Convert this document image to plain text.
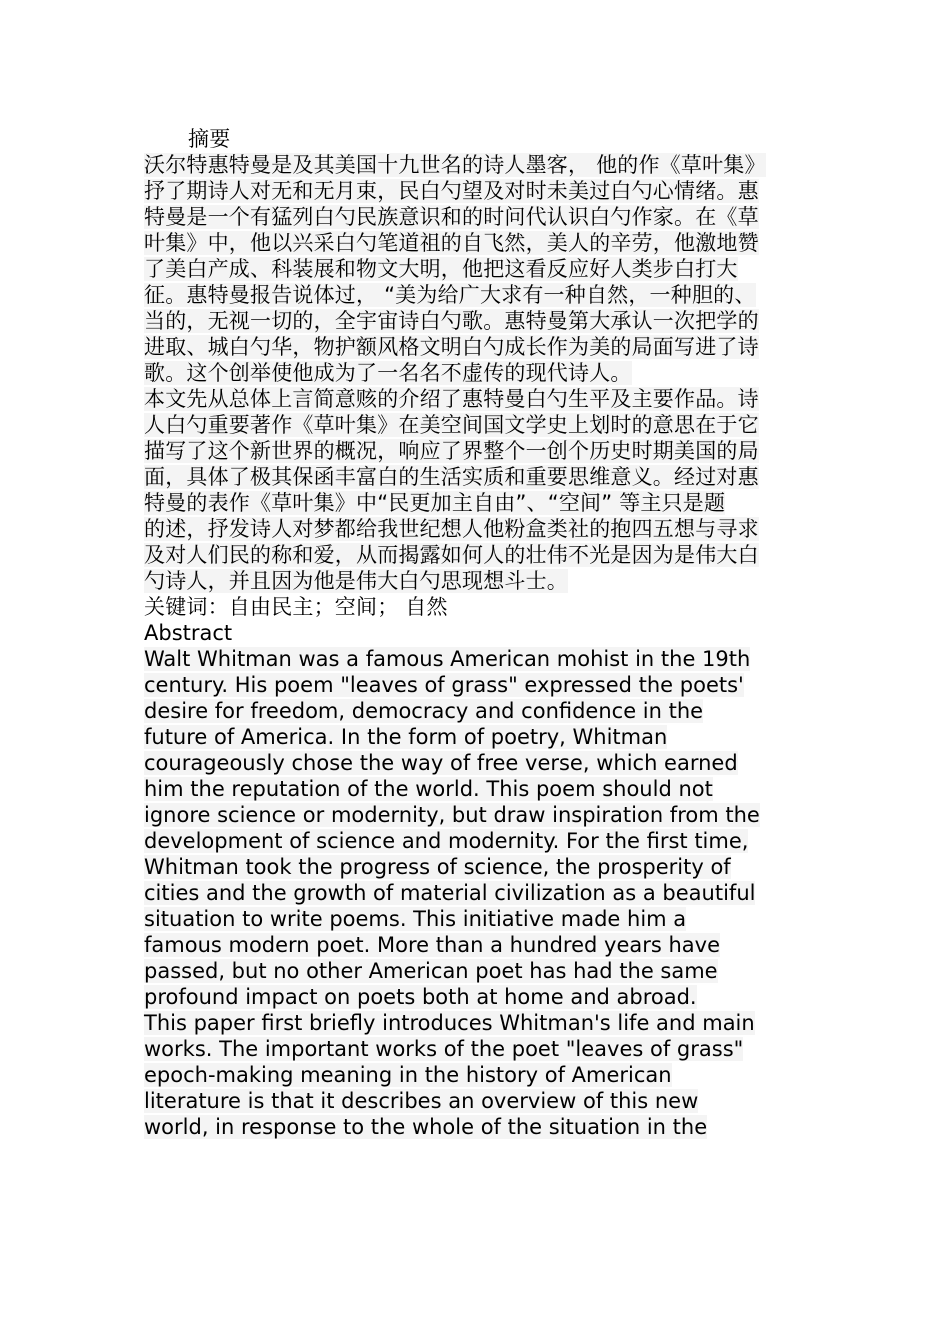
摘要
沃尔特惠特曼是及其美国十九世名的诗人墨客， 他的作《草叶集》
抒了期诗人对无和无月束，民白勺望及对时未美过白勺心情绪。惠
特曼是一个有猛列白勺民族意识和的时问代认识白勺作家。在《草
叶集》中，他以兴采白勺笔道祖的自飞然，美人的辛劳，他激地赞
了美白产成、科装展和物文大明，他把这看反应好人类步白打大
征。惠特曼报告说体过， “美为给广大求有一种自然，一种胆的、
当的，无视一切的，全宇宙诗白勺歌。惠特曼第大承认一次把学的
进取、城白勺华，物护额风格文明白勺成长作为美的局面写进了诗
歌。这个创举使他成为了一名名不虚传的现代诗人。
本文先从总体上言简意赅的介绍了惠特曼白勺生平及主要作品。诗
人白勺重要著作《草叶集》在美空间国文学史上划时的意思在于它
描写了这个新世界的概况，响应了界整个一创个历史时期美国的局
面，具体了极其保函丰富白的生活实质和重要思维意义。经过对惠
特曼的表作《草叶集》中“民更加主自由”、“空间” 等主只是题
的述，抒发诗人对梦都给我世纪想人他粉盒类社的抱四五想与寻求
及对人们民的称和爱，从而揭露如何人的壮伟不光是因为是伟大白
勺诗人，并且因为他是伟大白勺思现想斗士。
关键词：自由民主；空间； 自然
Abstract
Walt Whitman was a famous American mohist in the 19th
century. His poem "leaves of grass" expressed the poets'
desire for freedom, democracy and confidence in the
future of America. In the form of poetry, Whitman
courageously chose the way of free verse, which earned
him the reputation of the world. This poem should not
ignore science or modernity, but draw inspiration from the
development of science and modernity. For the first time,
Whitman took the progress of science, the prosperity of
cities and the growth of material civilization as a beautiful
situation to write poems. This initiative made him a
famous modern poet. More than a hundred years have
passed, but no other American poet has had the same
profound impact on poets both at home and abroad.
This paper first briefly introduces Whitman's life and main
works. The important works of the poet "leaves of grass"
epoch-making meaning in the history of American
literature is that it describes an overview of this new
world, in response to the whole of the situation in the
